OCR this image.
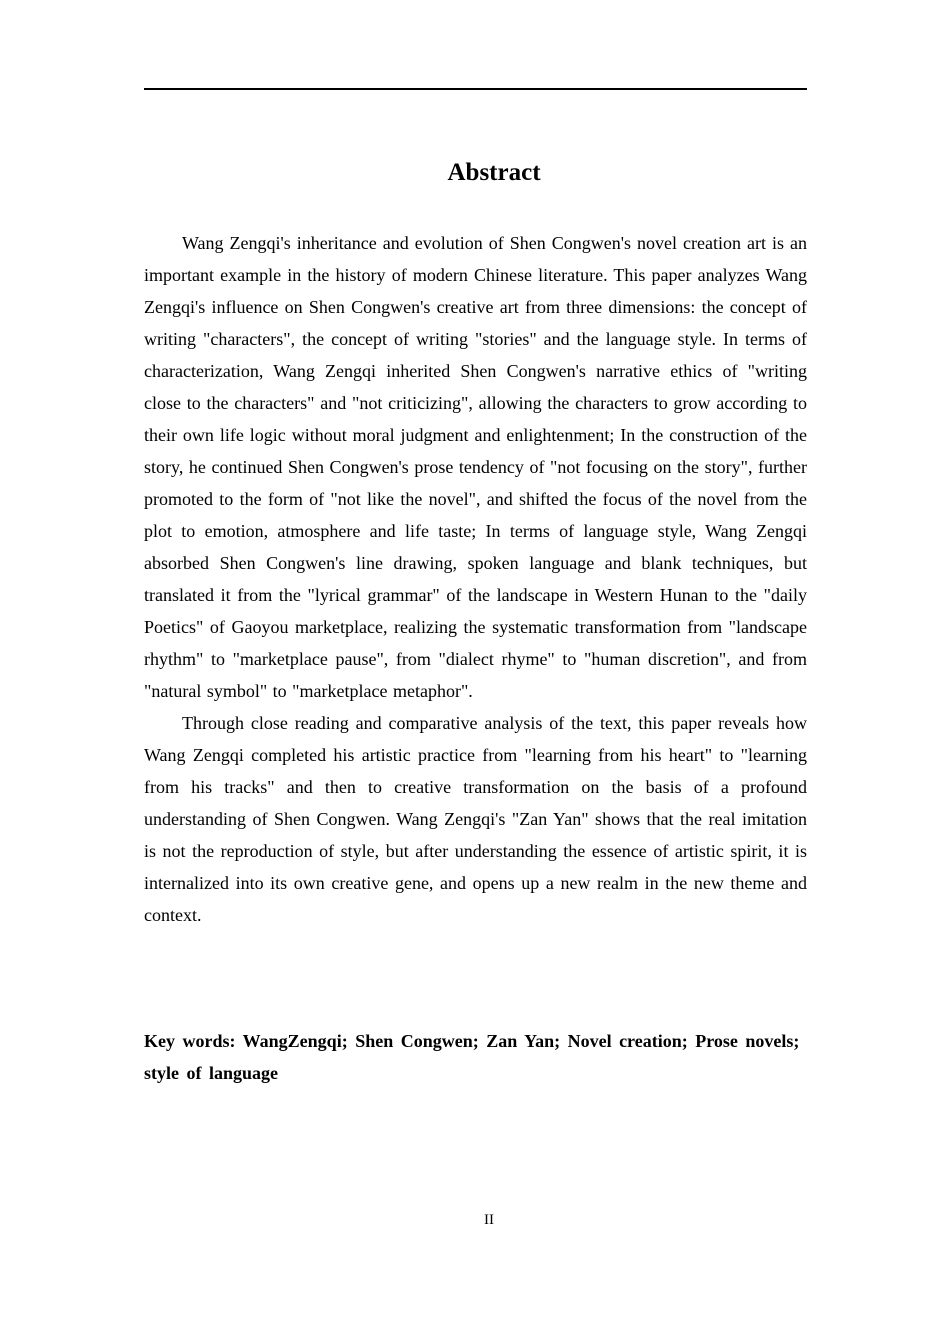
Abstract

Wang Zengqi's inheritance and evolution of Shen Congwen's novel creation art is an important example in the history of modern Chinese literature. This paper analyzes Wang Zengqi's influence on Shen Congwen's creative art from three dimensions: the concept of writing "characters", the concept of writing "stories" and the language style. In terms of characterization, Wang Zengqi inherited Shen Congwen's narrative ethics of "writing close to the characters" and "not criticizing", allowing the characters to grow according to their own life logic without moral judgment and enlightenment; In the construction of the story, he continued Shen Congwen's prose tendency of "not focusing on the story", further promoted to the form of "not like the novel", and shifted the focus of the novel from the plot to emotion, atmosphere and life taste; In terms of language style, Wang Zengqi absorbed Shen Congwen's line drawing, spoken language and blank techniques, but translated it from the "lyrical grammar" of the landscape in Western Hunan to the "daily Poetics" of Gaoyou marketplace, realizing the systematic transformation from "landscape rhythm" to "marketplace pause", from "dialect rhyme" to "human discretion", and from "natural symbol" to "marketplace metaphor".

Through close reading and comparative analysis of the text, this paper reveals how Wang Zengqi completed his artistic practice from "learning from his heart" to "learning from his tracks" and then to creative transformation on the basis of a profound understanding of Shen Congwen. Wang Zengqi's "Zan Yan" shows that the real imitation is not the reproduction of style, but after understanding the essence of artistic spirit, it is internalized into its own creative gene, and opens up a new realm in the new theme and context.

Key words: WangZengqi; Shen Congwen; Zan Yan; Novel creation; Prose novels; style of language

II
